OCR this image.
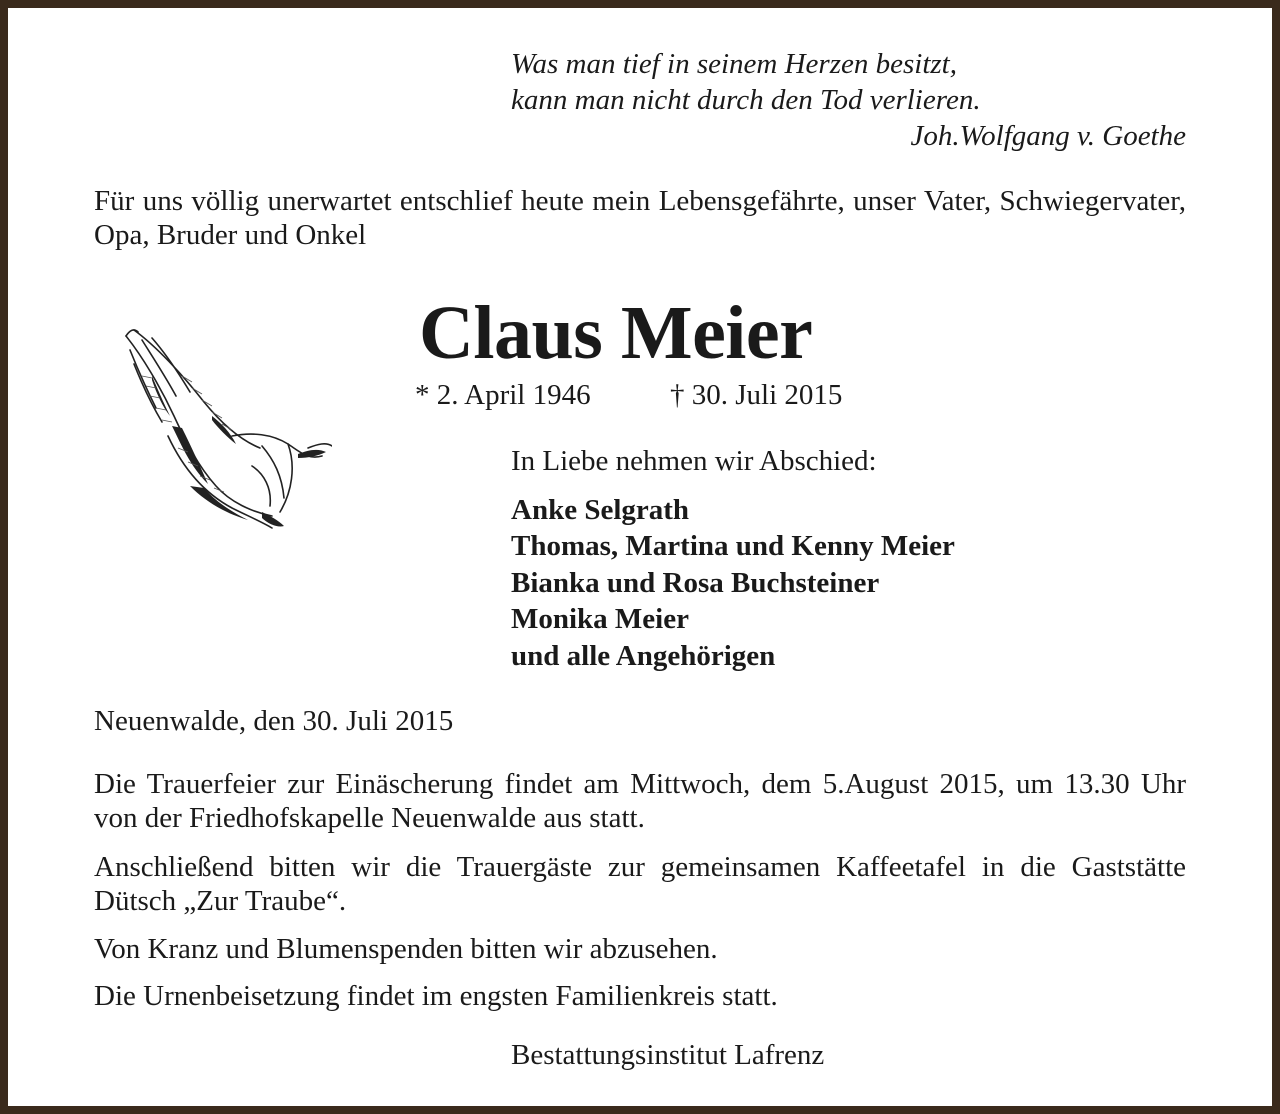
Was man tief in seinem Herzen besitzt,
kann man nicht durch den Tod verlieren.
Joh.Wolfgang v. Goethe
Für uns völlig unerwartet entschlief heute mein Lebensgefährte, unser Vater, Schwiegervater, Opa, Bruder und Onkel
Claus Meier
* 2. April 1946	† 30. Juli 2015
In Liebe nehmen wir Abschied:
Anke Selgrath
Thomas, Martina und Kenny Meier
Bianka und Rosa Buchsteiner
Monika Meier
und alle Angehörigen
Neuenwalde, den 30. Juli 2015
Die Trauerfeier zur Einäscherung findet am Mittwoch, dem 5.August 2015, um 13.30 Uhr von der Friedhofskapelle Neuenwalde aus statt.
Anschließend bitten wir die Trauergäste zur gemeinsamen Kaffeetafel in die Gaststätte Dütsch „Zur Traube“.
Von Kranz und Blumenspenden bitten wir abzusehen.
Die Urnenbeisetzung findet im engsten Familienkreis statt.
Bestattungsinstitut Lafrenz
